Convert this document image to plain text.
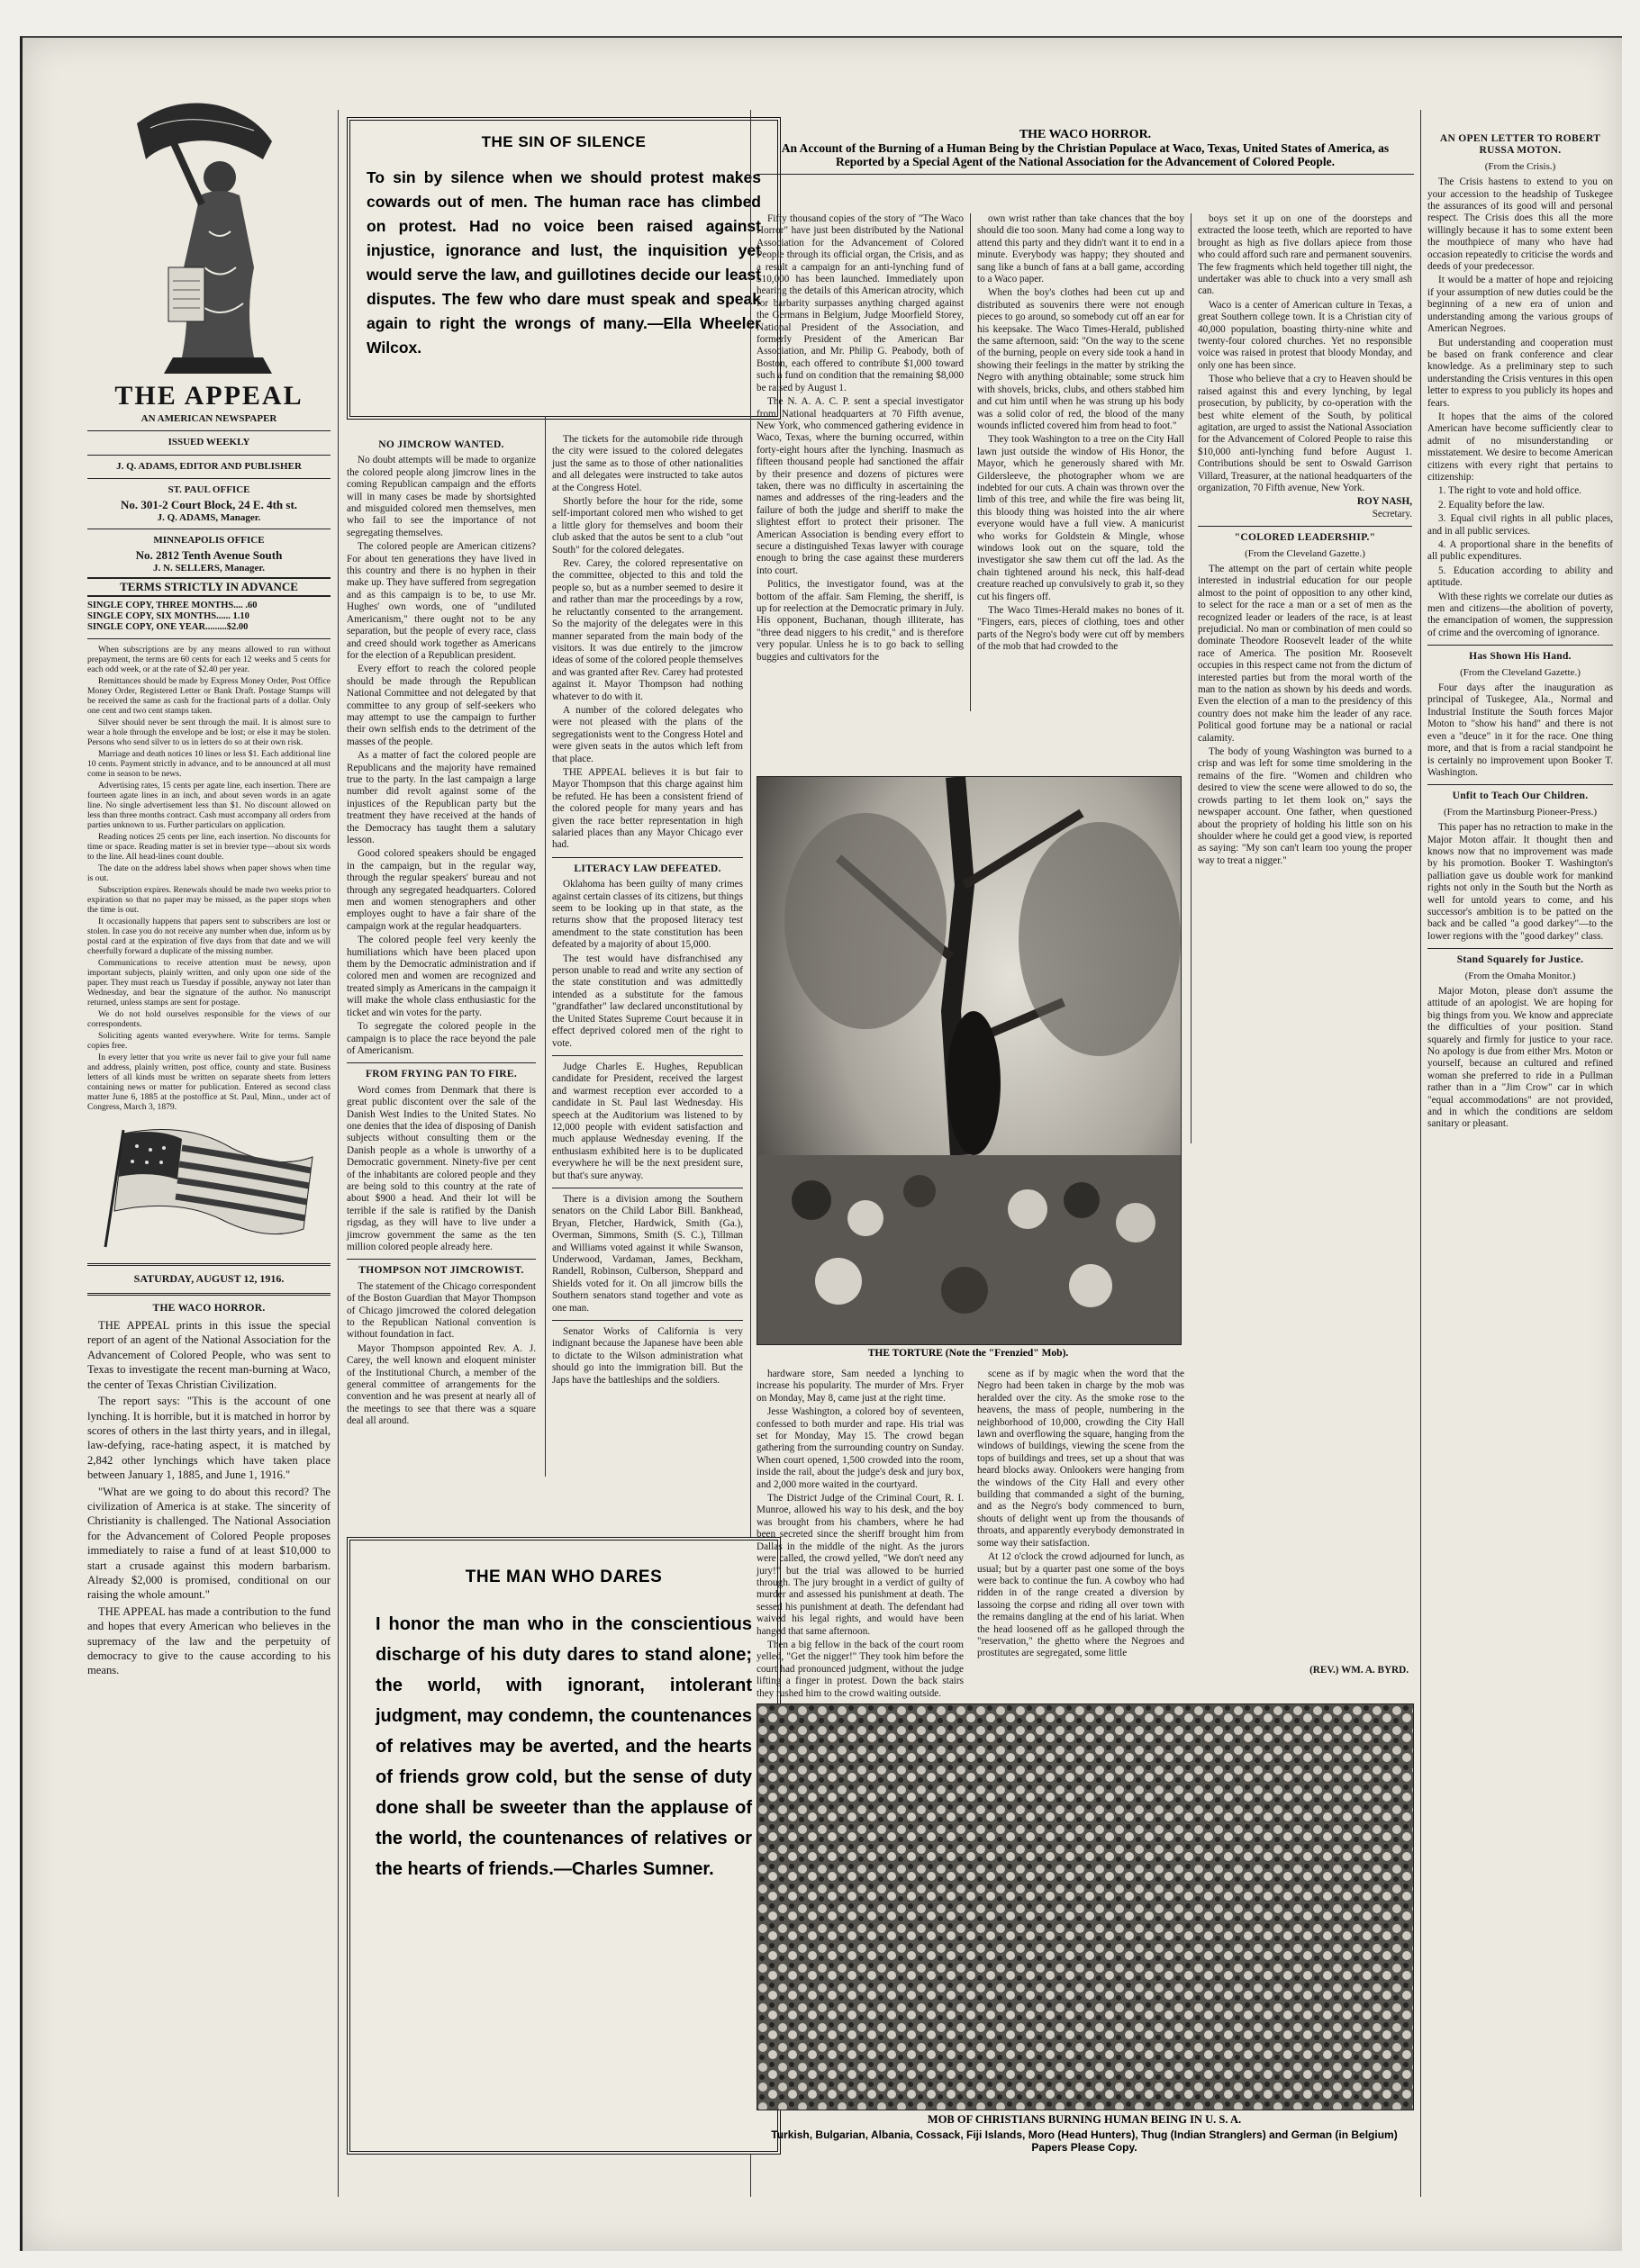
THE APPEAL
AN AMERICAN NEWSPAPER
ISSUED WEEKLY
J. Q. ADAMS, EDITOR AND PUBLISHER
ST. PAUL OFFICE
No. 301-2 Court Block, 24 E. 4th st.
J. Q. ADAMS, Manager.
MINNEAPOLIS OFFICE
No. 2812 Tenth Avenue South
J. N. SELLERS, Manager.
TERMS STRICTLY IN ADVANCE
SINGLE COPY, THREE MONTHS.... .60
SINGLE COPY, SIX MONTHS...... 1.10
SINGLE COPY, ONE YEAR.........$2.00

When subscriptions are by any means allowed to run without prepayment, the terms are 60 cents for each 12 weeks and 5 cents for each odd week, or at the rate of $2.40 per year.

Remittances should be made by Express Money Order, Post Office Money Order, Registered Letter or Bank Draft. Postage Stamps will be received the same as cash for the fractional parts of a dollar. Only one cent and two cent stamps taken.

Silver should never be sent through the mail. It is almost sure to wear a hole through the envelope and be lost; or else it may be stolen. Persons who send silver to us in letters do so at their own risk.

Marriage and death notices 10 lines or less $1. Each additional line 10 cents. Payment strictly in advance, and to be announced at all must come in season to be news.

Advertising rates, 15 cents per agate line, each insertion. There are fourteen agate lines in an inch, and about seven words in an agate line. No single advertisement less than $1. No discount allowed on less than three months contract. Cash must accompany all orders from parties unknown to us. Further particulars on application.

Reading notices 25 cents per line, each insertion. No discounts for time or space. Reading matter is set in brevier type—about six words to the line. All head-lines count double.

The date on the address label shows when paper shows when time is out.

Subscription expires. Renewals should be made two weeks prior to expiration so that no paper may be missed, as the paper stops when the time is out.

It occasionally happens that papers sent to subscribers are lost or stolen. In case you do not receive any number when due, inform us by postal card at the expiration of five days from that date and we will cheerfully forward a duplicate of the missing number.

Communications to receive attention must be newsy, upon important subjects, plainly written, and only upon one side of the paper. They must reach us Tuesday if possible, anyway not later than Wednesday, and bear the signature of the author. No manuscript returned, unless stamps are sent for postage.

We do not hold ourselves responsible for the views of our correspondents.

Soliciting agents wanted everywhere. Write for terms. Sample copies free.

In every letter that you write us never fail to give your full name and address, plainly written, post office, county and state. Business letters of all kinds must be written on separate sheets from letters containing news or matter for publication. Entered as second class matter June 6, 1885 at the postoffice at St. Paul, Minn., under act of Congress, March 3, 1879.

SATURDAY, AUGUST 12, 1916.
THE WACO HORROR.

THE APPEAL prints in this issue the special report of an agent of the National Association for the Advancement of Colored People, who was sent to Texas to investigate the recent man-burning at Waco, the center of Texas Christian Civilization.

The report says: "This is the account of one lynching. It is horrible, but it is matched in horror by scores of others in the last thirty years, and in illegal, law-defying, race-hating aspect, it is matched by 2,842 other lynchings which have taken place between January 1, 1885, and June 1, 1916."

"What are we going to do about this record? The civilization of America is at stake. The sincerity of Christianity is challenged. The National Association for the Advancement of Colored People proposes immediately to raise a fund of at least $10,000 to start a crusade against this modern barbarism. Already $2,000 is promised, conditional on our raising the whole amount."

THE APPEAL has made a contribution to the fund and hopes that every American who believes in the supremacy of the law and the perpetuity of democracy to give to the cause according to his means.

THE SIN OF SILENCE
To sin by silence when we should protest makes cowards out of men. The human race has climbed on protest. Had no voice been raised against injustice, ignorance and lust, the inquisition yet would serve the law, and guillotines decide our least disputes. The few who dare must speak and speak again to right the wrongs of many.—Ella Wheeler Wilcox.
NO JIMCROW WANTED.

No doubt attempts will be made to organize the colored people along jimcrow lines in the coming Republican campaign and the efforts will in many cases be made by shortsighted and misguided colored men themselves, men who fail to see the importance of not segregating themselves.

The colored people are American citizens? For about ten generations they have lived in this country and there is no hyphen in their make up. They have suffered from segregation and as this campaign is to be, to use Mr. Hughes' own words, one of "undiluted Americanism," there ought not to be any separation, but the people of every race, class and creed should work together as Americans for the election of a Republican president.

Every effort to reach the colored people should be made through the Republican National Committee and not delegated by that committee to any group of self-seekers who may attempt to use the campaign to further their own selfish ends to the detriment of the masses of the people.

As a matter of fact the colored people are Republicans and the majority have remained true to the party. In the last campaign a large number did revolt against some of the injustices of the Republican party but the treatment they have received at the hands of the Democracy has taught them a salutary lesson.

Good colored speakers should be engaged in the campaign, but in the regular way, through the regular speakers' bureau and not through any segregated headquarters. Colored men and women stenographers and other employes ought to have a fair share of the campaign work at the regular headquarters.

The colored people feel very keenly the humiliations which have been placed upon them by the Democratic administration and if colored men and women are recognized and treated simply as Americans in the campaign it will make the whole class enthusiastic for the ticket and win votes for the party.

To segregate the colored people in the campaign is to place the race beyond the pale of Americanism.

FROM FRYING PAN TO FIRE.

Word comes from Denmark that there is great public discontent over the sale of the Danish West Indies to the United States. No one denies that the idea of disposing of Danish subjects without consulting them or the Danish people as a whole is unworthy of a Democratic government. Ninety-five per cent of the inhabitants are colored people and they are being sold to this country at the rate of about $900 a head. And their lot will be terrible if the sale is ratified by the Danish rigsdag, as they will have to live under a jimcrow government the same as the ten million colored people already here.

THOMPSON NOT JIMCROWIST.

The statement of the Chicago correspondent of the Boston Guardian that Mayor Thompson of Chicago jimcrowed the colored delegation to the Republican National convention is without foundation in fact.

Mayor Thompson appointed Rev. A. J. Carey, the well known and eloquent minister of the Institutional Church, a member of the general committee of arrangements for the convention and he was present at nearly all of the meetings to see that there was a square deal all around.

The tickets for the automobile ride through the city were issued to the colored delegates just the same as to those of other nationalities and all delegates were instructed to take autos at the Congress Hotel.

Shortly before the hour for the ride, some self-important colored men who wished to get a little glory for themselves and boom their club asked that the autos be sent to a club "out South" for the colored delegates.

Rev. Carey, the colored representative on the committee, objected to this and told the people so, but as a number seemed to desire it and rather than mar the proceedings by a row, he reluctantly consented to the arrangement. So the majority of the delegates were in this manner separated from the main body of the visitors. It was due entirely to the jimcrow ideas of some of the colored people themselves and was granted after Rev. Carey had protested against it. Mayor Thompson had nothing whatever to do with it.

A number of the colored delegates who were not pleased with the plans of the segregationists went to the Congress Hotel and were given seats in the autos which left from that place.

THE APPEAL believes it is but fair to Mayor Thompson that this charge against him be refuted. He has been a consistent friend of the colored people for many years and has given the race better representation in high salaried places than any Mayor Chicago ever had.

LITERACY LAW DEFEATED.

Oklahoma has been guilty of many crimes against certain classes of its citizens, but things seem to be looking up in that state, as the returns show that the proposed literacy test amendment to the state constitution has been defeated by a majority of about 15,000.

The test would have disfranchised any person unable to read and write any section of the state constitution and was admittedly intended as a substitute for the famous "grandfather" law declared unconstitutional by the United States Supreme Court because it in effect deprived colored men of the right to vote.

Judge Charles E. Hughes, Republican candidate for President, received the largest and warmest reception ever accorded to a candidate in St. Paul last Wednesday. His speech at the Auditorium was listened to by 12,000 people with evident satisfaction and much applause Wednesday evening. If the enthusiasm exhibited here is to be duplicated everywhere he will be the next president sure, but that's sure anyway.

There is a division among the Southern senators on the Child Labor Bill. Bankhead, Bryan, Fletcher, Hardwick, Smith (Ga.), Overman, Simmons, Smith (S. C.), Tillman and Williams voted against it while Swanson, Underwood, Vardaman, James, Beckham, Randell, Robinson, Culberson, Sheppard and Shields voted for it. On all jimcrow bills the Southern senators stand together and vote as one man.

Senator Works of California is very indignant because the Japanese have been able to dictate to the Wilson administration what should go into the immigration bill. But the Japs have the battleships and the soldiers.

THE MAN WHO DARES
I honor the man who in the conscientious discharge of his duty dares to stand alone; the world, with ignorant, intolerant judgment, may condemn, the countenances of relatives may be averted, and the hearts of friends grow cold, but the sense of duty done shall be sweeter than the applause of the world, the countenances of relatives or the hearts of friends.—Charles Sumner.
THE WACO HORROR.
An Account of the Burning of a Human Being by the Christian Populace at Waco, Texas, United States of America, as Reported by a Special Agent of the National Association for the Advancement of Colored People.

Fifty thousand copies of the story of "The Waco Horror" have just been distributed by the National Association for the Advancement of Colored People through its official organ, the Crisis, and as a result a campaign for an anti-lynching fund of $10,000 has been launched. Immediately upon hearing the details of this American atrocity, which for barbarity surpasses anything charged against the Germans in Belgium, Judge Moorfield Storey, National President of the Association, and formerly President of the American Bar Association, and Mr. Philip G. Peabody, both of Boston, each offered to contribute $1,000 toward such a fund on condition that the remaining $8,000 be raised by August 1.

The N. A. A. C. P. sent a special investigator from National headquarters at 70 Fifth avenue, New York, who commenced gathering evidence in Waco, Texas, where the burning occurred, within forty-eight hours after the lynching. Inasmuch as fifteen thousand people had sanctioned the affair by their presence and dozens of pictures were taken, there was no difficulty in ascertaining the names and addresses of the ring-leaders and the failure of both the judge and sheriff to make the slightest effort to protect their prisoner. The American Association is bending every effort to secure a distinguished Texas lawyer with courage enough to bring the case against these murderers into court.

Politics, the investigator found, was at the bottom of the affair. Sam Fleming, the sheriff, is up for reelection at the Democratic primary in July. His opponent, Buchanan, though illiterate, has "three dead niggers to his credit," and is therefore very popular. Unless he is to go back to selling buggies and cultivators for the

own wrist rather than take chances that the boy should die too soon. Many had come a long way to attend this party and they didn't want it to end in a minute. Everybody was happy; they shouted and sang like a bunch of fans at a ball game, according to a Waco paper.

When the boy's clothes had been cut up and distributed as souvenirs there were not enough pieces to go around, so somebody cut off an ear for his keepsake. The Waco Times-Herald, published the same afternoon, said: "On the way to the scene of the burning, people on every side took a hand in showing their feelings in the matter by striking the Negro with anything obtainable; some struck him with shovels, bricks, clubs, and others stabbed him and cut him until when he was strung up his body was a solid color of red, the blood of the many wounds inflicted covered him from head to foot."

They took Washington to a tree on the City Hall lawn just outside the window of His Honor, the Mayor, which he generously shared with Mr. Gildersleeve, the photographer whom we are indebted for our cuts. A chain was thrown over the limb of this tree, and while the fire was being lit, this bloody thing was hoisted into the air where everyone would have a full view. A manicurist who works for Goldstein & Mingle, whose windows look out on the square, told the investigator she saw them cut off the lad. As the chain tightened around his neck, this half-dead creature reached up convulsively to grab it, so they cut his fingers off.

The Waco Times-Herald makes no bones of it. "Fingers, ears, pieces of clothing, toes and other parts of the Negro's body were cut off by members of the mob that had crowded to the

boys set it up on one of the doorsteps and extracted the loose teeth, which are reported to have brought as high as five dollars apiece from those who could afford such rare and permanent souvenirs. The few fragments which held together till night, the undertaker was able to chuck into a very small ash can.

Waco is a center of American culture in Texas, a great Southern college town. It is a Christian city of 40,000 population, boasting thirty-nine white and twenty-four colored churches. Yet no responsible voice was raised in protest that bloody Monday, and only one has been since.

Those who believe that a cry to Heaven should be raised against this and every lynching, by legal prosecution, by publicity, by co-operation with the best white element of the South, by political agitation, are urged to assist the National Association for the Advancement of Colored People to raise this $10,000 anti-lynching fund before August 1. Contributions should be sent to Oswald Garrison Villard, Treasurer, at the national headquarters of the organization, 70 Fifth avenue, New York.

ROY NASH,
Secretary.
"COLORED LEADERSHIP."
(From the Cleveland Gazette.)

The attempt on the part of certain white people interested in industrial education for our people almost to the point of opposition to any other kind, to select for the race a man or a set of men as the recognized leader or leaders of the race, is at least prejudicial. No man or combination of men could so dominate Theodore Roosevelt leader of the white race of America. The position Mr. Roosevelt occupies in this respect came not from the dictum of interested parties but from the moral worth of the man to the nation as shown by his deeds and words. Even the election of a man to the presidency of this country does not make him the leader of any race. Political good fortune may be a national or racial calamity.

The body of young Washington was burned to a crisp and was left for some time smoldering in the remains of the fire. "Women and children who desired to view the scene were allowed to do so, the crowds parting to let them look on," says the newspaper account. One father, when questioned about the propriety of holding his little son on his shoulder where he could get a good view, is reported as saying: "My son can't learn too young the proper way to treat a nigger."

THE TORTURE (Note the "Frenzied" Mob).

hardware store, Sam needed a lynching to increase his popularity. The murder of Mrs. Fryer on Monday, May 8, came just at the right time.

Jesse Washington, a colored boy of seventeen, confessed to both murder and rape. His trial was set for Monday, May 15. The crowd began gathering from the surrounding country on Sunday. When court opened, 1,500 crowded into the room, inside the rail, about the judge's desk and jury box, and 2,000 more waited in the courtyard.

The District Judge of the Criminal Court, R. I. Munroe, allowed his way to his desk, and the boy was brought from his chambers, where he had been secreted since the sheriff brought him from Dallas in the middle of the night. As the jurors were called, the crowd yelled, "We don't need any jury!" but the trial was allowed to be hurried through. The jury brought in a verdict of guilty of murder and assessed his punishment at death. The sessed his punishment at death. The defendant had waived his legal rights, and would have been hanged that same afternoon.

Then a big fellow in the back of the court room yelled, "Get the nigger!" They took him before the court had pronounced judgment, without the judge lifting a finger in protest. Down the back stairs they rushed him to the crowd waiting outside.

scene as if by magic when the word that the Negro had been taken in charge by the mob was heralded over the city. As the smoke rose to the heavens, the mass of people, numbering in the neighborhood of 10,000, crowding the City Hall lawn and overflowing the square, hanging from the windows of buildings, viewing the scene from the tops of buildings and trees, set up a shout that was heard blocks away. Onlookers were hanging from the windows of the City Hall and every other building that commanded a sight of the burning, and as the Negro's body commenced to burn, shouts of delight went up from the thousands of throats, and apparently everybody demonstrated in some way their satisfaction.

At 12 o'clock the crowd adjourned for lunch, as usual; but by a quarter past one some of the boys were back to continue the fun. A cowboy who had ridden in of the range created a diversion by lassoing the corpse and riding all over town with the remains dangling at the end of his lariat. When the head loosened off as he galloped through the "reservation," the ghetto where the Negroes and prostitutes are segregated, some little

(REV.) WM. A. BYRD.
MOB OF CHRISTIANS BURNING HUMAN BEING IN U. S. A.
Turkish, Bulgarian, Albania, Cossack, Fiji Islands, Moro (Head Hunters), Thug (Indian Stranglers) and German (in Belgium) Papers Please Copy.
AN OPEN LETTER TO ROBERT RUSSA MOTON.
(From the Crisis.)

The Crisis hastens to extend to you on your accession to the headship of Tuskegee the assurances of its good will and personal respect. The Crisis does this all the more willingly because it has to some extent been the mouthpiece of many who have had occasion repeatedly to criticise the words and deeds of your predecessor.

It would be a matter of hope and rejoicing if your assumption of new duties could be the beginning of a new era of union and understanding among the various groups of American Negroes.

But understanding and cooperation must be based on frank conference and clear knowledge. As a preliminary step to such understanding the Crisis ventures in this open letter to express to you publicly its hopes and fears.

It hopes that the aims of the colored American have become sufficiently clear to admit of no misunderstanding or misstatement. We desire to become American citizens with every right that pertains to citizenship:

1. The right to vote and hold office.

2. Equality before the law.

3. Equal civil rights in all public places, and in all public services.

4. A proportional share in the benefits of all public expenditures.

5. Education according to ability and aptitude.

With these rights we correlate our duties as men and citizens—the abolition of poverty, the emancipation of women, the suppression of crime and the overcoming of ignorance.

Has Shown His Hand.
(From the Cleveland Gazette.)

Four days after the inauguration as principal of Tuskegee, Ala., Normal and Industrial Institute the South forces Major Moton to "show his hand" and there is not even a "deuce" in it for the race. One thing more, and that is from a racial standpoint he is certainly no improvement upon Booker T. Washington.

Unfit to Teach Our Children.
(From the Martinsburg Pioneer-Press.)

This paper has no retraction to make in the Major Moton affair. It thought then and knows now that no improvement was made by his promotion. Booker T. Washington's palliation gave us double work for mankind rights not only in the South but the North as well for untold years to come, and his successor's ambition is to be patted on the back and be called "a good darkey"—to the lower regions with the "good darkey" class.

Stand Squarely for Justice.
(From the Omaha Monitor.)

Major Moton, please don't assume the attitude of an apologist. We are hoping for big things from you. We know and appreciate the difficulties of your position. Stand squarely and firmly for justice to your race. No apology is due from either Mrs. Moton or yourself, because an cultured and refined woman she preferred to ride in a Pullman rather than in a "Jim Crow" car in which "equal accommodations" are not provided, and in which the conditions are seldom sanitary or pleasant.
